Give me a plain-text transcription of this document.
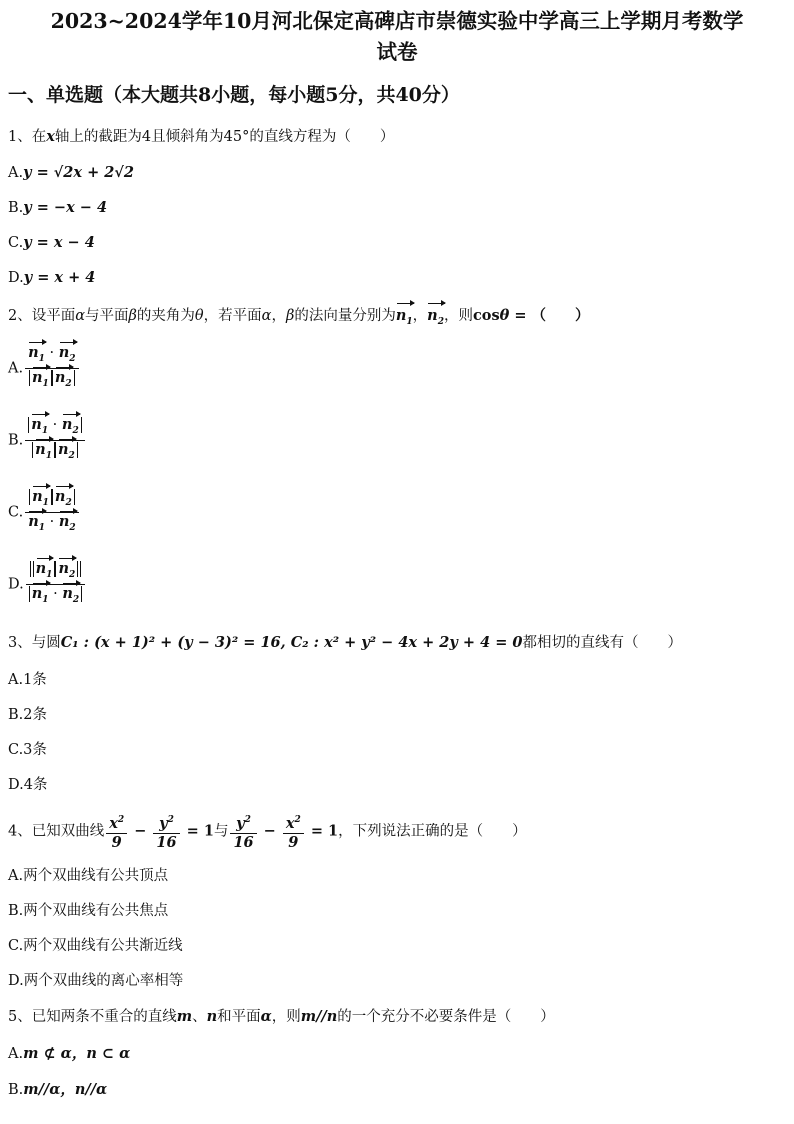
2023~2024学年10月河北保定高碑店市崇德实验中学高三上学期月考数学
试卷
一、单选题（本大题共8小题，每小题5分，共40分）
1、在x轴上的截距为4且倾斜角为45°的直线方程为（　　）
A.y = √2x + 2√2
B.y = −x − 4
C.y = x − 4
D.y = x + 4
2、设平面α与平面β的夹角为θ，若平面α，β的法向量分别为$n_1$，$n_2$，则cosθ = （　　）
A. $\frac{n_1 \cdot n_2}{n_1 n_2}$
B. $\frac{n_1 \cdot n_2}{n_1 n_2}$
C. $\frac{n_1 n_2}{n_1 \cdot n_2}$
D. $\frac{n_1 n_2}{n_1 \cdot n_2}$
3、与圆C₁ : (x + 1)² + (y − 3)² = 16, C₂ : x² + y² − 4x + 2y + 4 = 0都相切的直线有（　　）
A.1条
B.2条
C.3条
D.4条
4、已知双曲线 $\frac{x^2}{9} - \frac{y^2}{16} = 1$与 $\frac{y^2}{16} - \frac{x^2}{9} = 1$，下列说法正确的是（　　）
A.两个双曲线有公共顶点
B.两个双曲线有公共焦点
C.两个双曲线有公共渐近线
D.两个双曲线的离心率相等
5、已知两条不重合的直线m、n和平面α，则m//n的一个充分不必要条件是（　　）
A.m ⊄ α，n ⊂ α
B.m//α，n//α
